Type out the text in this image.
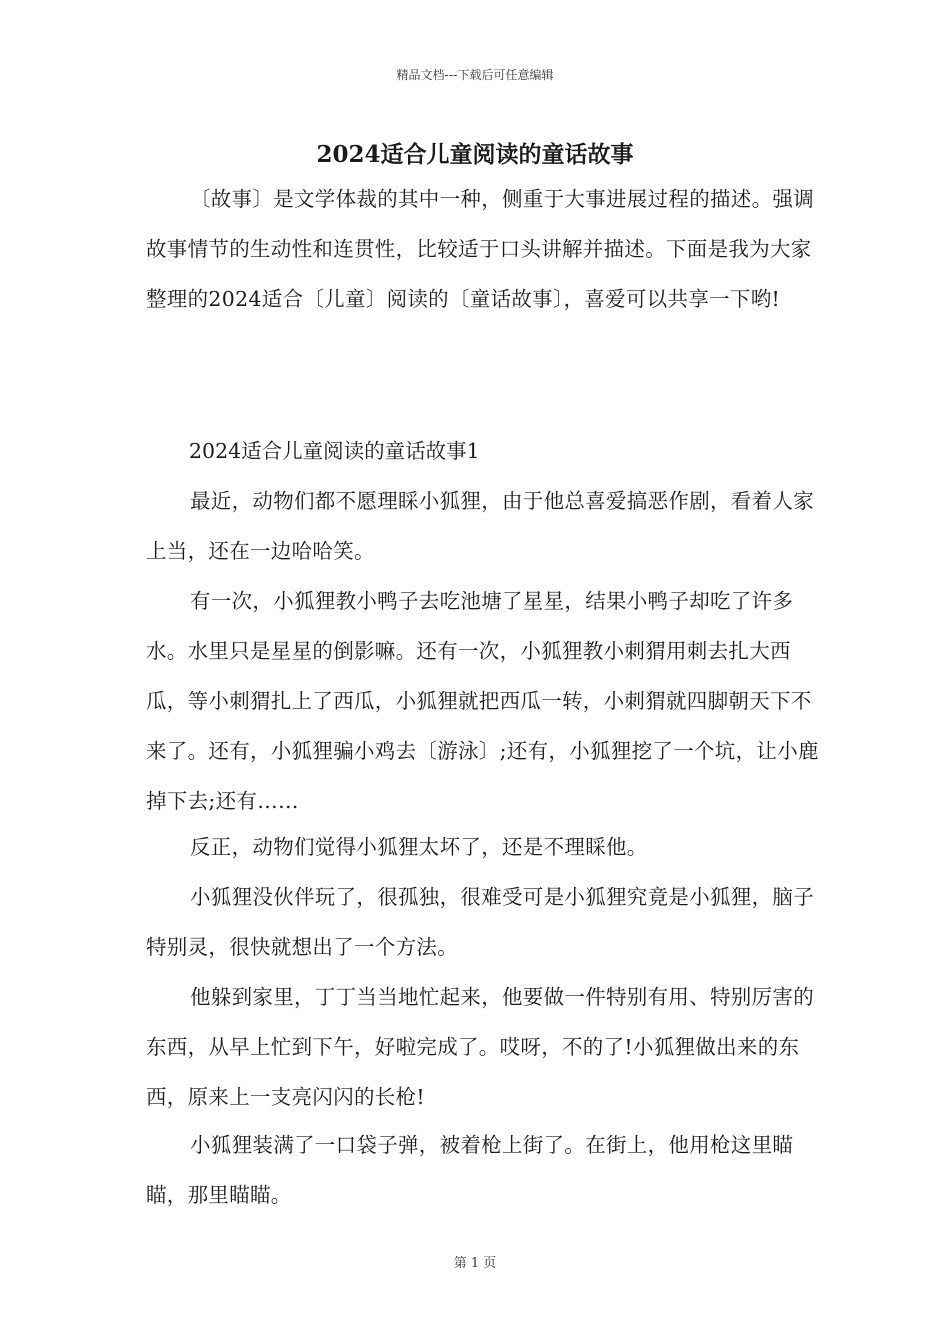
精品文档---下载后可任意编辑
2024适合儿童阅读的童话故事

〔故事〕是文学体裁的其中一种，侧重于大事进展过程的描述。强调故事情节的生动性和连贯性，比较适于口头讲解并描述。下面是我为大家整理的2024适合〔儿童〕阅读的〔童话故事〕，喜爱可以共享一下哟!

2024适合儿童阅读的童话故事1

最近，动物们都不愿理睬小狐狸，由于他总喜爱搞恶作剧，看着人家上当，还在一边哈哈笑。

有一次，小狐狸教小鸭子去吃池塘了星星，结果小鸭子却吃了许多水。水里只是星星的倒影嘛。还有一次，小狐狸教小刺猬用刺去扎大西瓜，等小刺猬扎上了西瓜，小狐狸就把西瓜一转，小刺猬就四脚朝天下不来了。还有，小狐狸骗小鸡去〔游泳〕;还有，小狐狸挖了一个坑，让小鹿掉下去;还有……

反正，动物们觉得小狐狸太坏了，还是不理睬他。

小狐狸没伙伴玩了，很孤独，很难受可是小狐狸究竟是小狐狸，脑子特别灵，很快就想出了一个方法。

他躲到家里，丁丁当当地忙起来，他要做一件特别有用、特别厉害的东西，从早上忙到下午，好啦完成了。哎呀，不的了!小狐狸做出来的东西，原来上一支亮闪闪的长枪!

小狐狸装满了一口袋子弹，被着枪上街了。在街上，他用枪这里瞄瞄，那里瞄瞄。

第 1 页
